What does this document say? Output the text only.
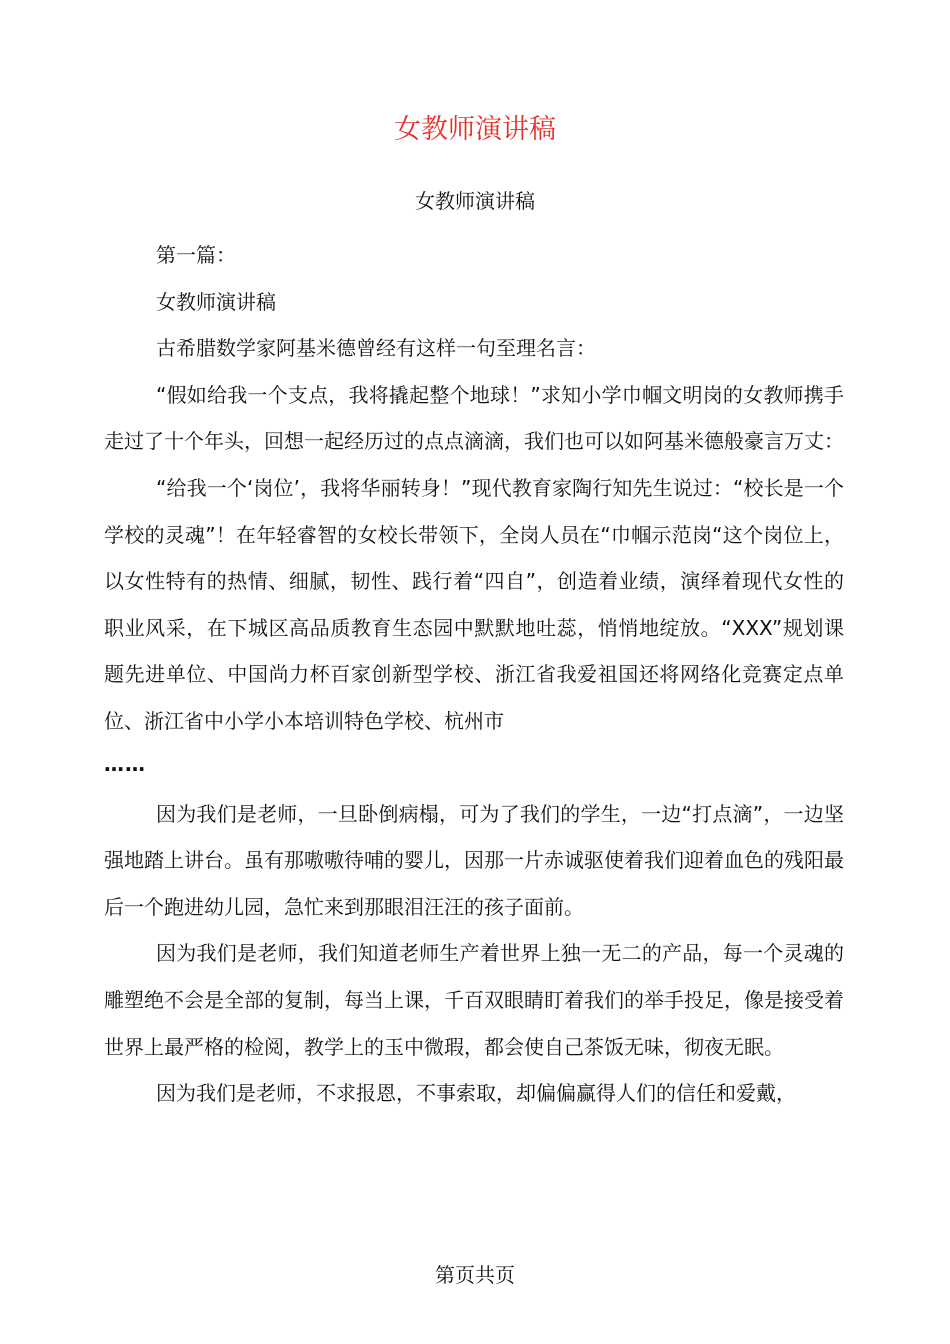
女教师演讲稿
女教师演讲稿

第一篇：

女教师演讲稿

古希腊数学家阿基米德曾经有这样一句至理名言：

“假如给我一个支点，我将撬起整个地球！”求知小学巾帼文明岗的女教师携手走过了十个年头，回想一起经历过的点点滴滴，我们也可以如阿基米德般豪言万丈：

“给我一个‘岗位’，我将华丽转身！”现代教育家陶行知先生说过：“校长是一个学校的灵魂”！在年轻睿智的女校长带领下，全岗人员在“巾帼示范岗“这个岗位上，以女性特有的热情、细腻，韧性、践行着“四自”，创造着业绩，演绎着现代女性的职业风采，在下城区高品质教育生态园中默默地吐蕊，悄悄地绽放。“XXX”规划课题先进单位、中国尚力杯百家创新型学校、浙江省我爱祖国还将网络化竞赛定点单位、浙江省中小学小本培训特色学校、杭州市

……

因为我们是老师，一旦卧倒病榻，可为了我们的学生，一边“打点滴”，一边坚强地踏上讲台。虽有那嗷嗷待哺的婴儿，因那一片赤诚驱使着我们迎着血色的残阳最后一个跑进幼儿园，急忙来到那眼泪汪汪的孩子面前。

因为我们是老师，我们知道老师生产着世界上独一无二的产品，每一个灵魂的雕塑绝不会是全部的复制，每当上课，千百双眼睛盯着我们的举手投足，像是接受着世界上最严格的检阅，教学上的玉中微瑕，都会使自己茶饭无味，彻夜无眠。

因为我们是老师，不求报恩，不事索取，却偏偏赢得人们的信任和爱戴，

第页共页
